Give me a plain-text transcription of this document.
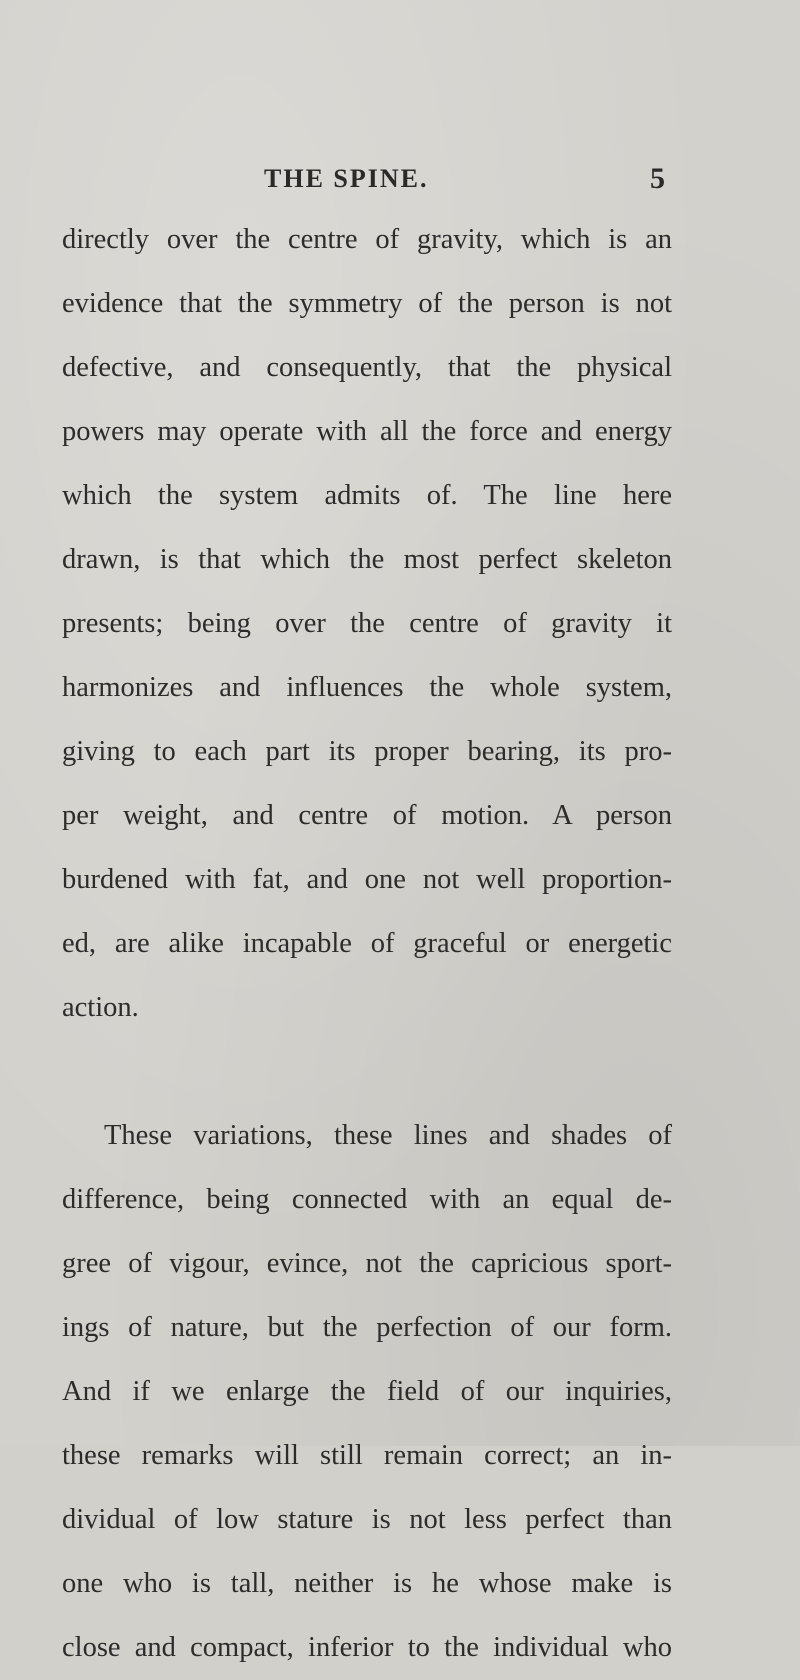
THE SPINE.	5
directly over the centre of gravity, which is an
evidence that the symmetry of the person is not
defective, and consequently, that the physical
powers may operate with all the force and energy
which the system admits of. The line here
drawn, is that which the most perfect skeleton
presents; being over the centre of gravity it
harmonizes and influences the whole system,
giving to each part its proper bearing, its pro-
per weight, and centre of motion. A person
burdened with fat, and one not well proportion-
ed, are alike incapable of graceful or energetic
action.
These variations, these lines and shades of
difference, being connected with an equal de-
gree of vigour, evince, not the capricious sport-
ings of nature, but the perfection of our form.
And if we enlarge the field of our inquiries,
these remarks will still remain correct; an in-
dividual of low stature is not less perfect than
one who is tall, neither is he whose make is
close and compact, inferior to the individual who
